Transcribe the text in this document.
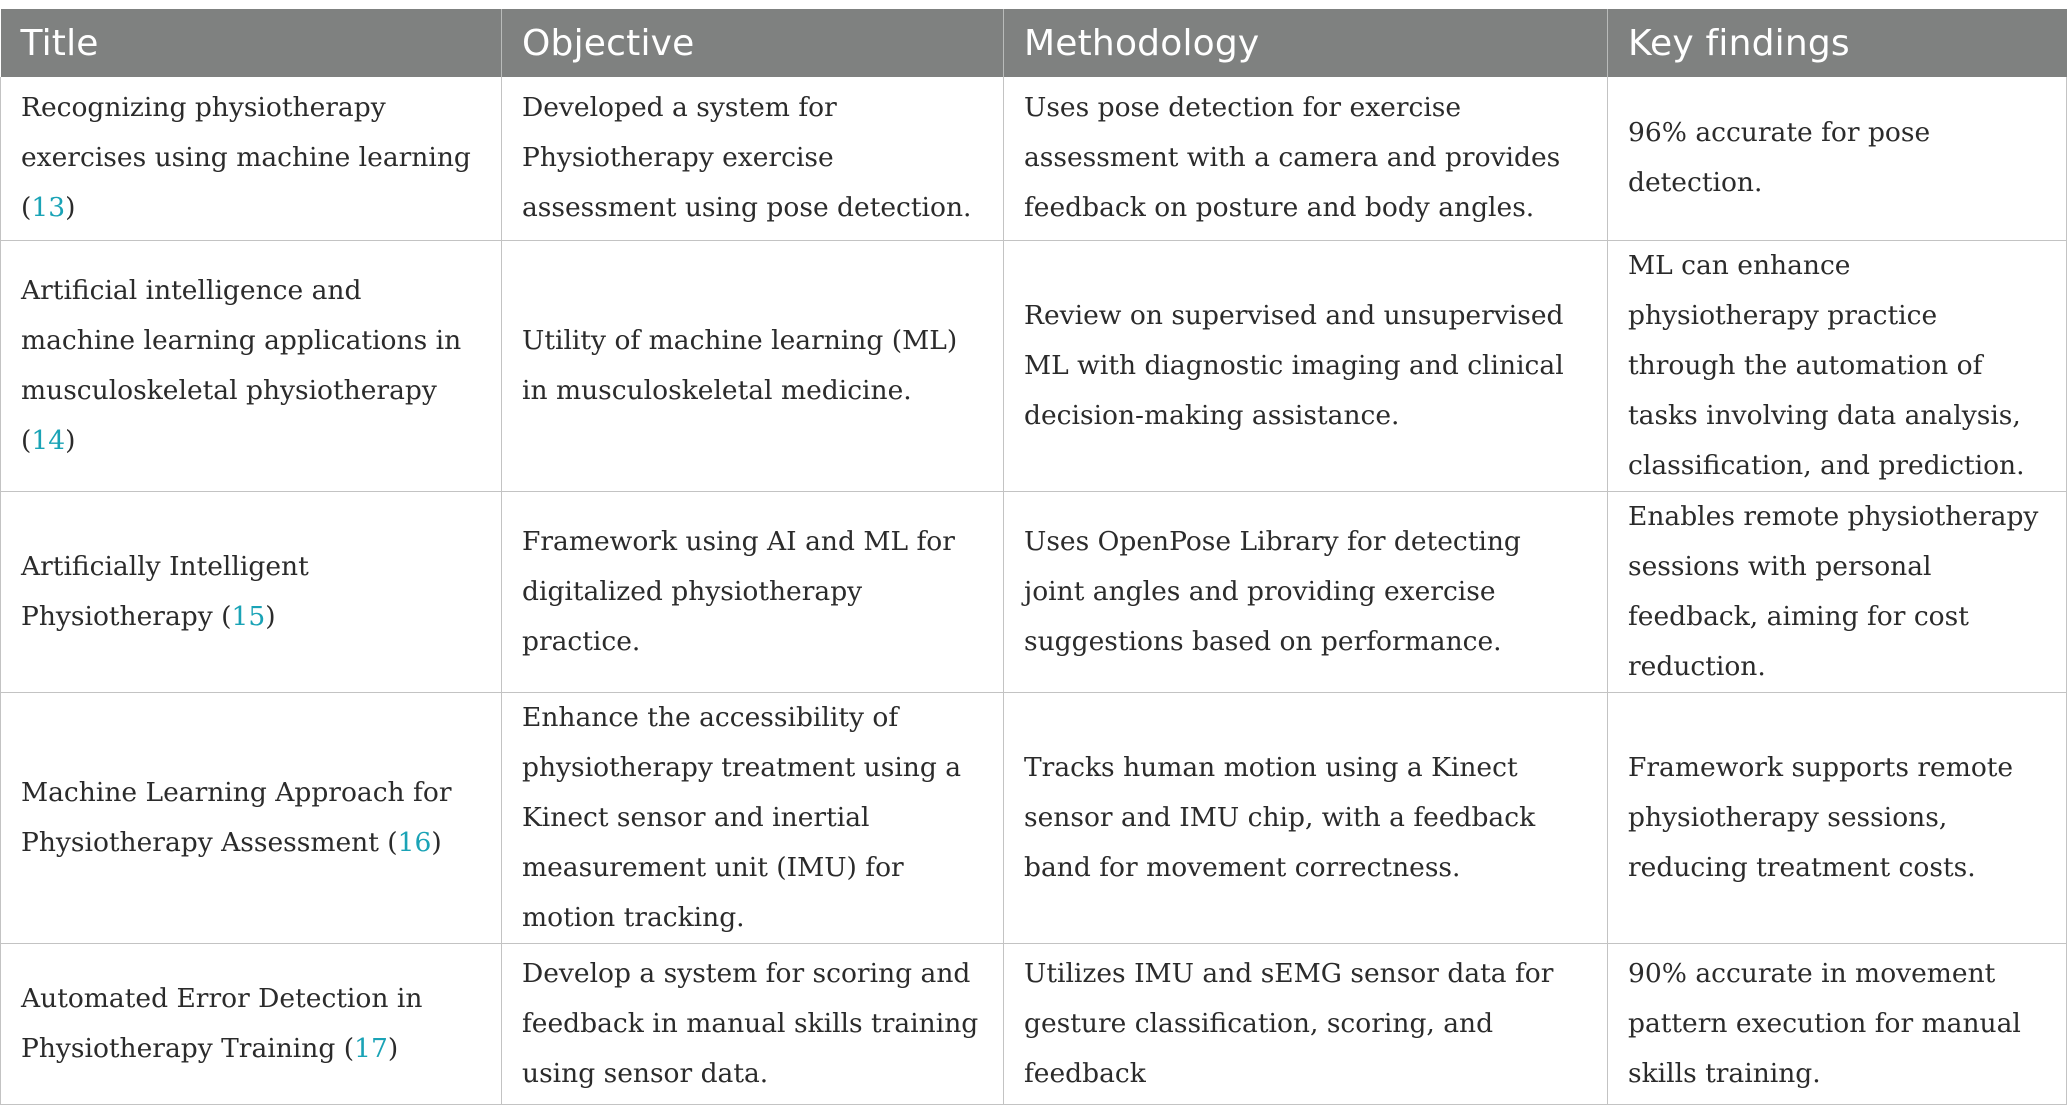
Title	Objective	Methodology	Key findings
Recognizing physiotherapy exercises using machine learning (13)	Developed a system for Physiotherapy exercise assessment using pose detection.	Uses pose detection for exercise assessment with a camera and provides feedback on posture and body angles.	96% accurate for pose detection.
Artificial intelligence and machine learning applications in musculoskeletal physiotherapy (14)	Utility of machine learning (ML) in musculoskeletal medicine.	Review on supervised and unsupervised ML with diagnostic imaging and clinical decision-making assistance.	ML can enhance physiotherapy practice through the automation of tasks involving data analysis, classification, and prediction.
Artificially Intelligent Physiotherapy (15)	Framework using AI and ML for digitalized physiotherapy practice.	Uses OpenPose Library for detecting joint angles and providing exercise suggestions based on performance.	Enables remote physiotherapy sessions with personal feedback, aiming for cost reduction.
Machine Learning Approach for Physiotherapy Assessment (16)	Enhance the accessibility of physiotherapy treatment using a Kinect sensor and inertial measurement unit (IMU) for motion tracking.	Tracks human motion using a Kinect sensor and IMU chip, with a feedback band for movement correctness.	Framework supports remote physiotherapy sessions, reducing treatment costs.
Automated Error Detection in Physiotherapy Training (17)	Develop a system for scoring and feedback in manual skills training using sensor data.	Utilizes IMU and sEMG sensor data for gesture classification, scoring, and feedback	90% accurate in movement pattern execution for manual skills training.
